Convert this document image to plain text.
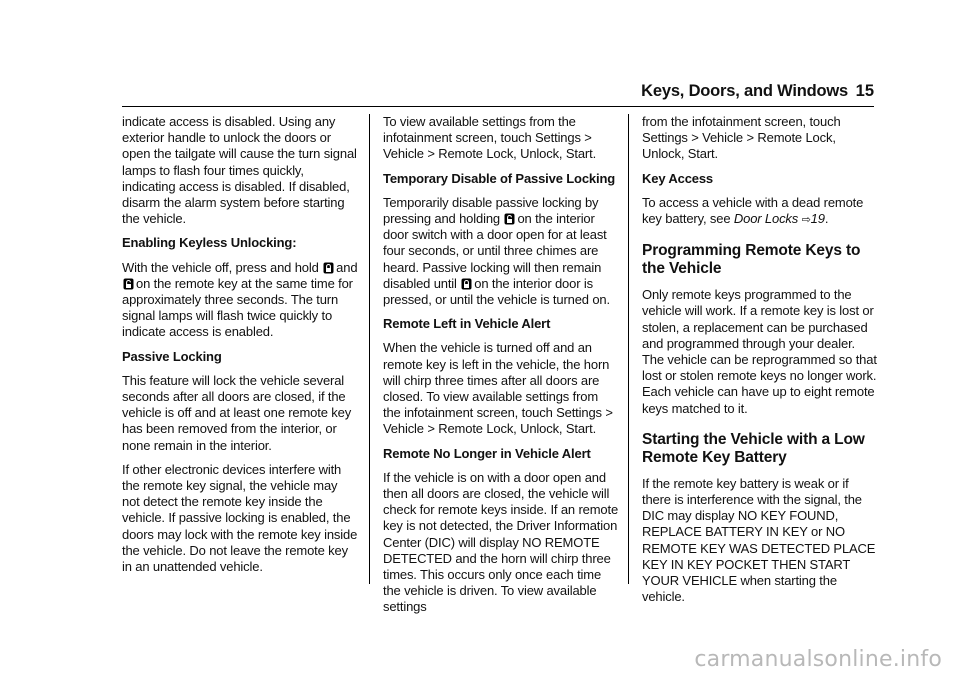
Keys, Doors, and Windows 15

indicate access is disabled. Using any exterior handle to unlock the doors or open the tailgate will cause the turn signal lamps to flash four times quickly, indicating access is disabled. If disabled, disarm the alarm system before starting the vehicle.

Enabling Keyless Unlocking:

With the vehicle off, press and hold and on the remote key at the same time for approximately three seconds. The turn signal lamps will flash twice quickly to indicate access is enabled.

Passive Locking

This feature will lock the vehicle several seconds after all doors are closed, if the vehicle is off and at least one remote key has been removed from the interior, or none remain in the interior.

If other electronic devices interfere with the remote key signal, the vehicle may not detect the remote key inside the vehicle. If passive locking is enabled, the doors may lock with the remote key inside the vehicle. Do not leave the remote key in an unattended vehicle.

To view available settings from the infotainment screen, touch Settings > Vehicle > Remote Lock, Unlock, Start.

Temporary Disable of Passive Locking

Temporarily disable passive locking by pressing and holding on the interior door switch with a door open for at least four seconds, or until three chimes are heard. Passive locking will then remain disabled until on the interior door is pressed, or until the vehicle is turned on.

Remote Left in Vehicle Alert

When the vehicle is turned off and an remote key is left in the vehicle, the horn will chirp three times after all doors are closed. To view available settings from the infotainment screen, touch Settings > Vehicle > Remote Lock, Unlock, Start.

Remote No Longer in Vehicle Alert

If the vehicle is on with a door open and then all doors are closed, the vehicle will check for remote keys inside. If an remote key is not detected, the Driver Information Center (DIC) will display NO REMOTE DETECTED and the horn will chirp three times. This occurs only once each time the vehicle is driven. To view available settings

from the infotainment screen, touch Settings > Vehicle > Remote Lock, Unlock, Start.

Key Access

To access a vehicle with a dead remote key battery, see Door Locks ⇨19.

Programming Remote Keys to the Vehicle

Only remote keys programmed to the vehicle will work. If a remote key is lost or stolen, a replacement can be purchased and programmed through your dealer. The vehicle can be reprogrammed so that lost or stolen remote keys no longer work. Each vehicle can have up to eight remote keys matched to it.

Starting the Vehicle with a Low Remote Key Battery

If the remote key battery is weak or if there is interference with the signal, the DIC may display NO KEY FOUND, REPLACE BATTERY IN KEY or NO REMOTE KEY WAS DETECTED PLACE KEY IN KEY POCKET THEN START YOUR VEHICLE when starting the vehicle.

carmanualsonline.info
